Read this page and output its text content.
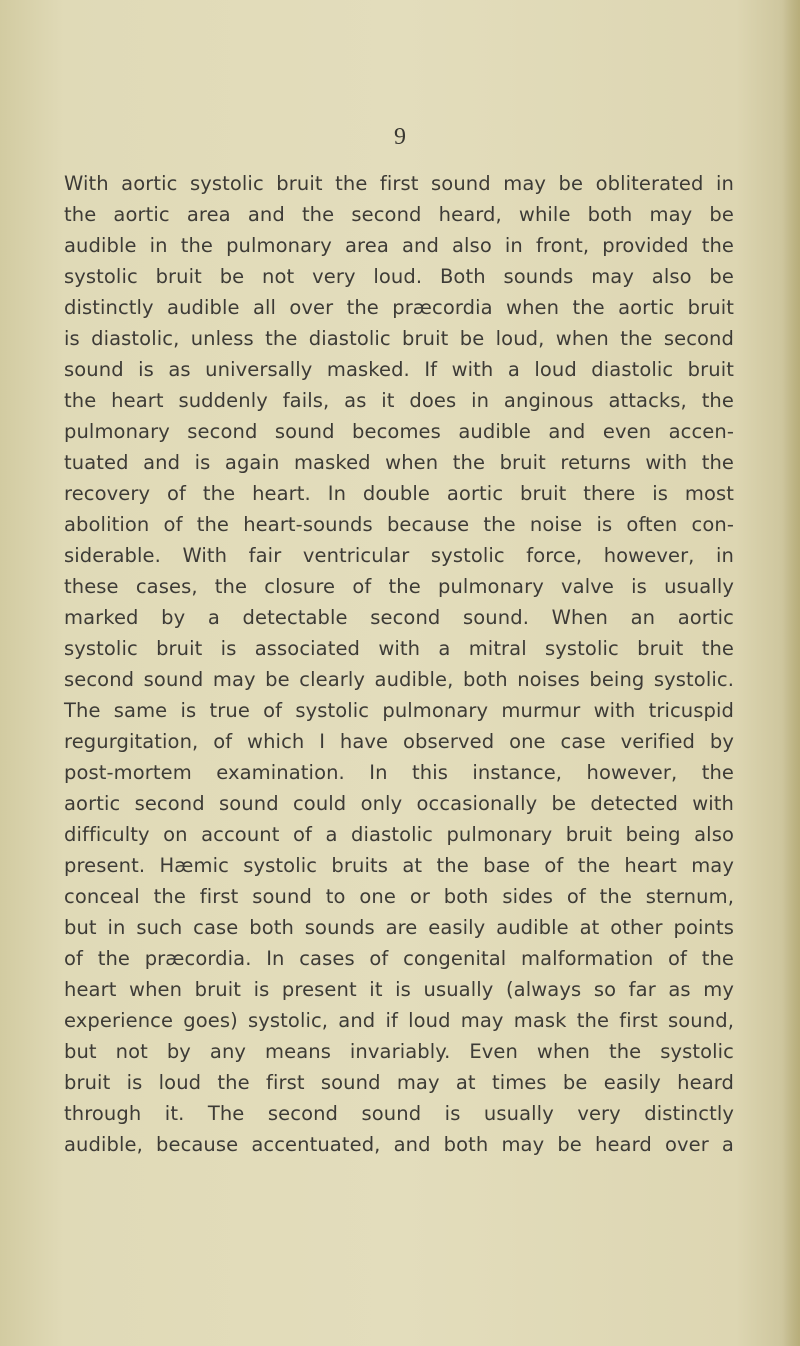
9
With aortic systolic bruit the first sound may be obliterated in
the aortic area and the second heard, while both may be
audible in the pulmonary area and also in front, provided the
systolic bruit be not very loud. Both sounds may also be
distinctly audible all over the præcordia when the aortic bruit
is diastolic, unless the diastolic bruit be loud, when the second
sound is as universally masked. If with a loud diastolic bruit
the heart suddenly fails, as it does in anginous attacks, the
pulmonary second sound becomes audible and even accen-
tuated and is again masked when the bruit returns with the
recovery of the heart. In double aortic bruit there is most
abolition of the heart-sounds because the noise is often con-
siderable. With fair ventricular systolic force, however, in
these cases, the closure of the pulmonary valve is usually
marked by a detectable second sound. When an aortic
systolic bruit is associated with a mitral systolic bruit the
second sound may be clearly audible, both noises being systolic.
The same is true of systolic pulmonary murmur with tricuspid
regurgitation, of which I have observed one case verified by
post-mortem examination. In this instance, however, the
aortic second sound could only occasionally be detected with
difficulty on account of a diastolic pulmonary bruit being also
present. Hæmic systolic bruits at the base of the heart may
conceal the first sound to one or both sides of the sternum,
but in such case both sounds are easily audible at other points
of the præcordia. In cases of congenital malformation of the
heart when bruit is present it is usually (always so far as my
experience goes) systolic, and if loud may mask the first sound,
but not by any means invariably. Even when the systolic
bruit is loud the first sound may at times be easily heard
through it. The second sound is usually very distinctly
audible, because accentuated, and both may be heard over a
